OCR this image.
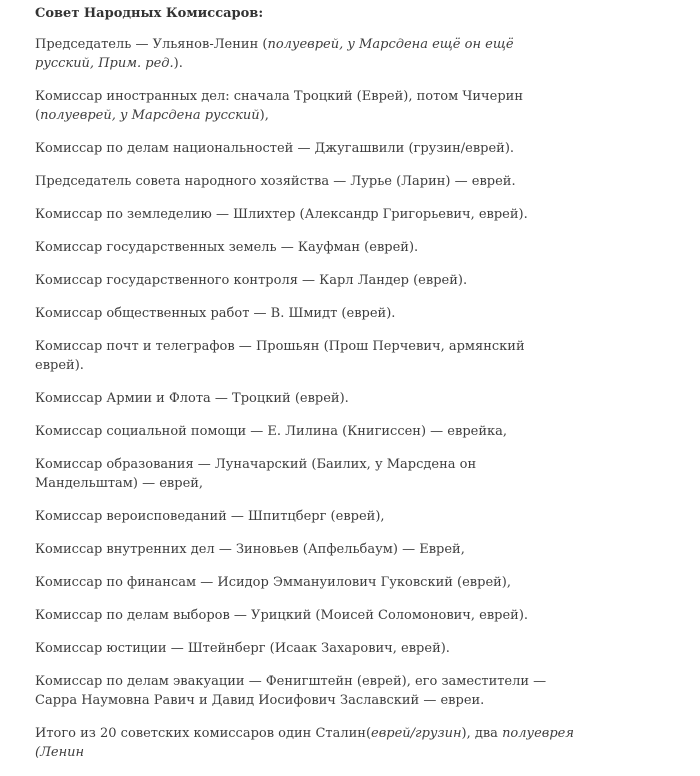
Совет Народных Комиссаров:

Председатель — Ульянов-Ленин (полуеврей, у Марсдена ещё он ещё русский, Прим. ред.).

Комиссар иностранных дел: сначала Троцкий (Еврей), потом Чичерин (полуеврей, у Марсдена русский),

Комиссар по делам национальностей — Джугашвили (грузин/еврей).

Председатель совета народного хозяйства — Лурье (Ларин) — еврей.

Комиссар по земледелию — Шлихтер (Александр Григорьевич, еврей).

Комиссар государственных земель — Кауфман (еврей).

Комиссар государственного контроля — Карл Ландер (еврей).

Комиссар общественных работ — В. Шмидт (еврей).

Комиссар почт и телеграфов — Прошьян (Прош Перчевич, армянский еврей).

Комиссар Армии и Флота — Троцкий (еврей).

Комиссар социальной помощи — Е. Лилина (Книгиссен) — еврейка,

Комиссар образования — Луначарский (Баилих, у Марсдена он Мандельштам) — еврей,

Комиссар вероисповеданий — Шпитцберг (еврей),

Комиссар внутренних дел — Зиновьев (Апфельбаум) — Еврей,

Комиссар по финансам — Исидор Эммануилович Гуковский (еврей),

Комиссар по делам выборов — Урицкий (Моисей Соломонович, еврей).

Комиссар юстиции — Штейнберг (Исаак Захарович, еврей).

Комиссар по делам эвакуации — Фенигштейн (еврей), его заместители — Сарра Наумовна Равич и Давид Иосифович Заславский — евреи.

Итого из 20 советских комиссаров один Сталин(еврей/грузин), два полуеврея (Ленин
